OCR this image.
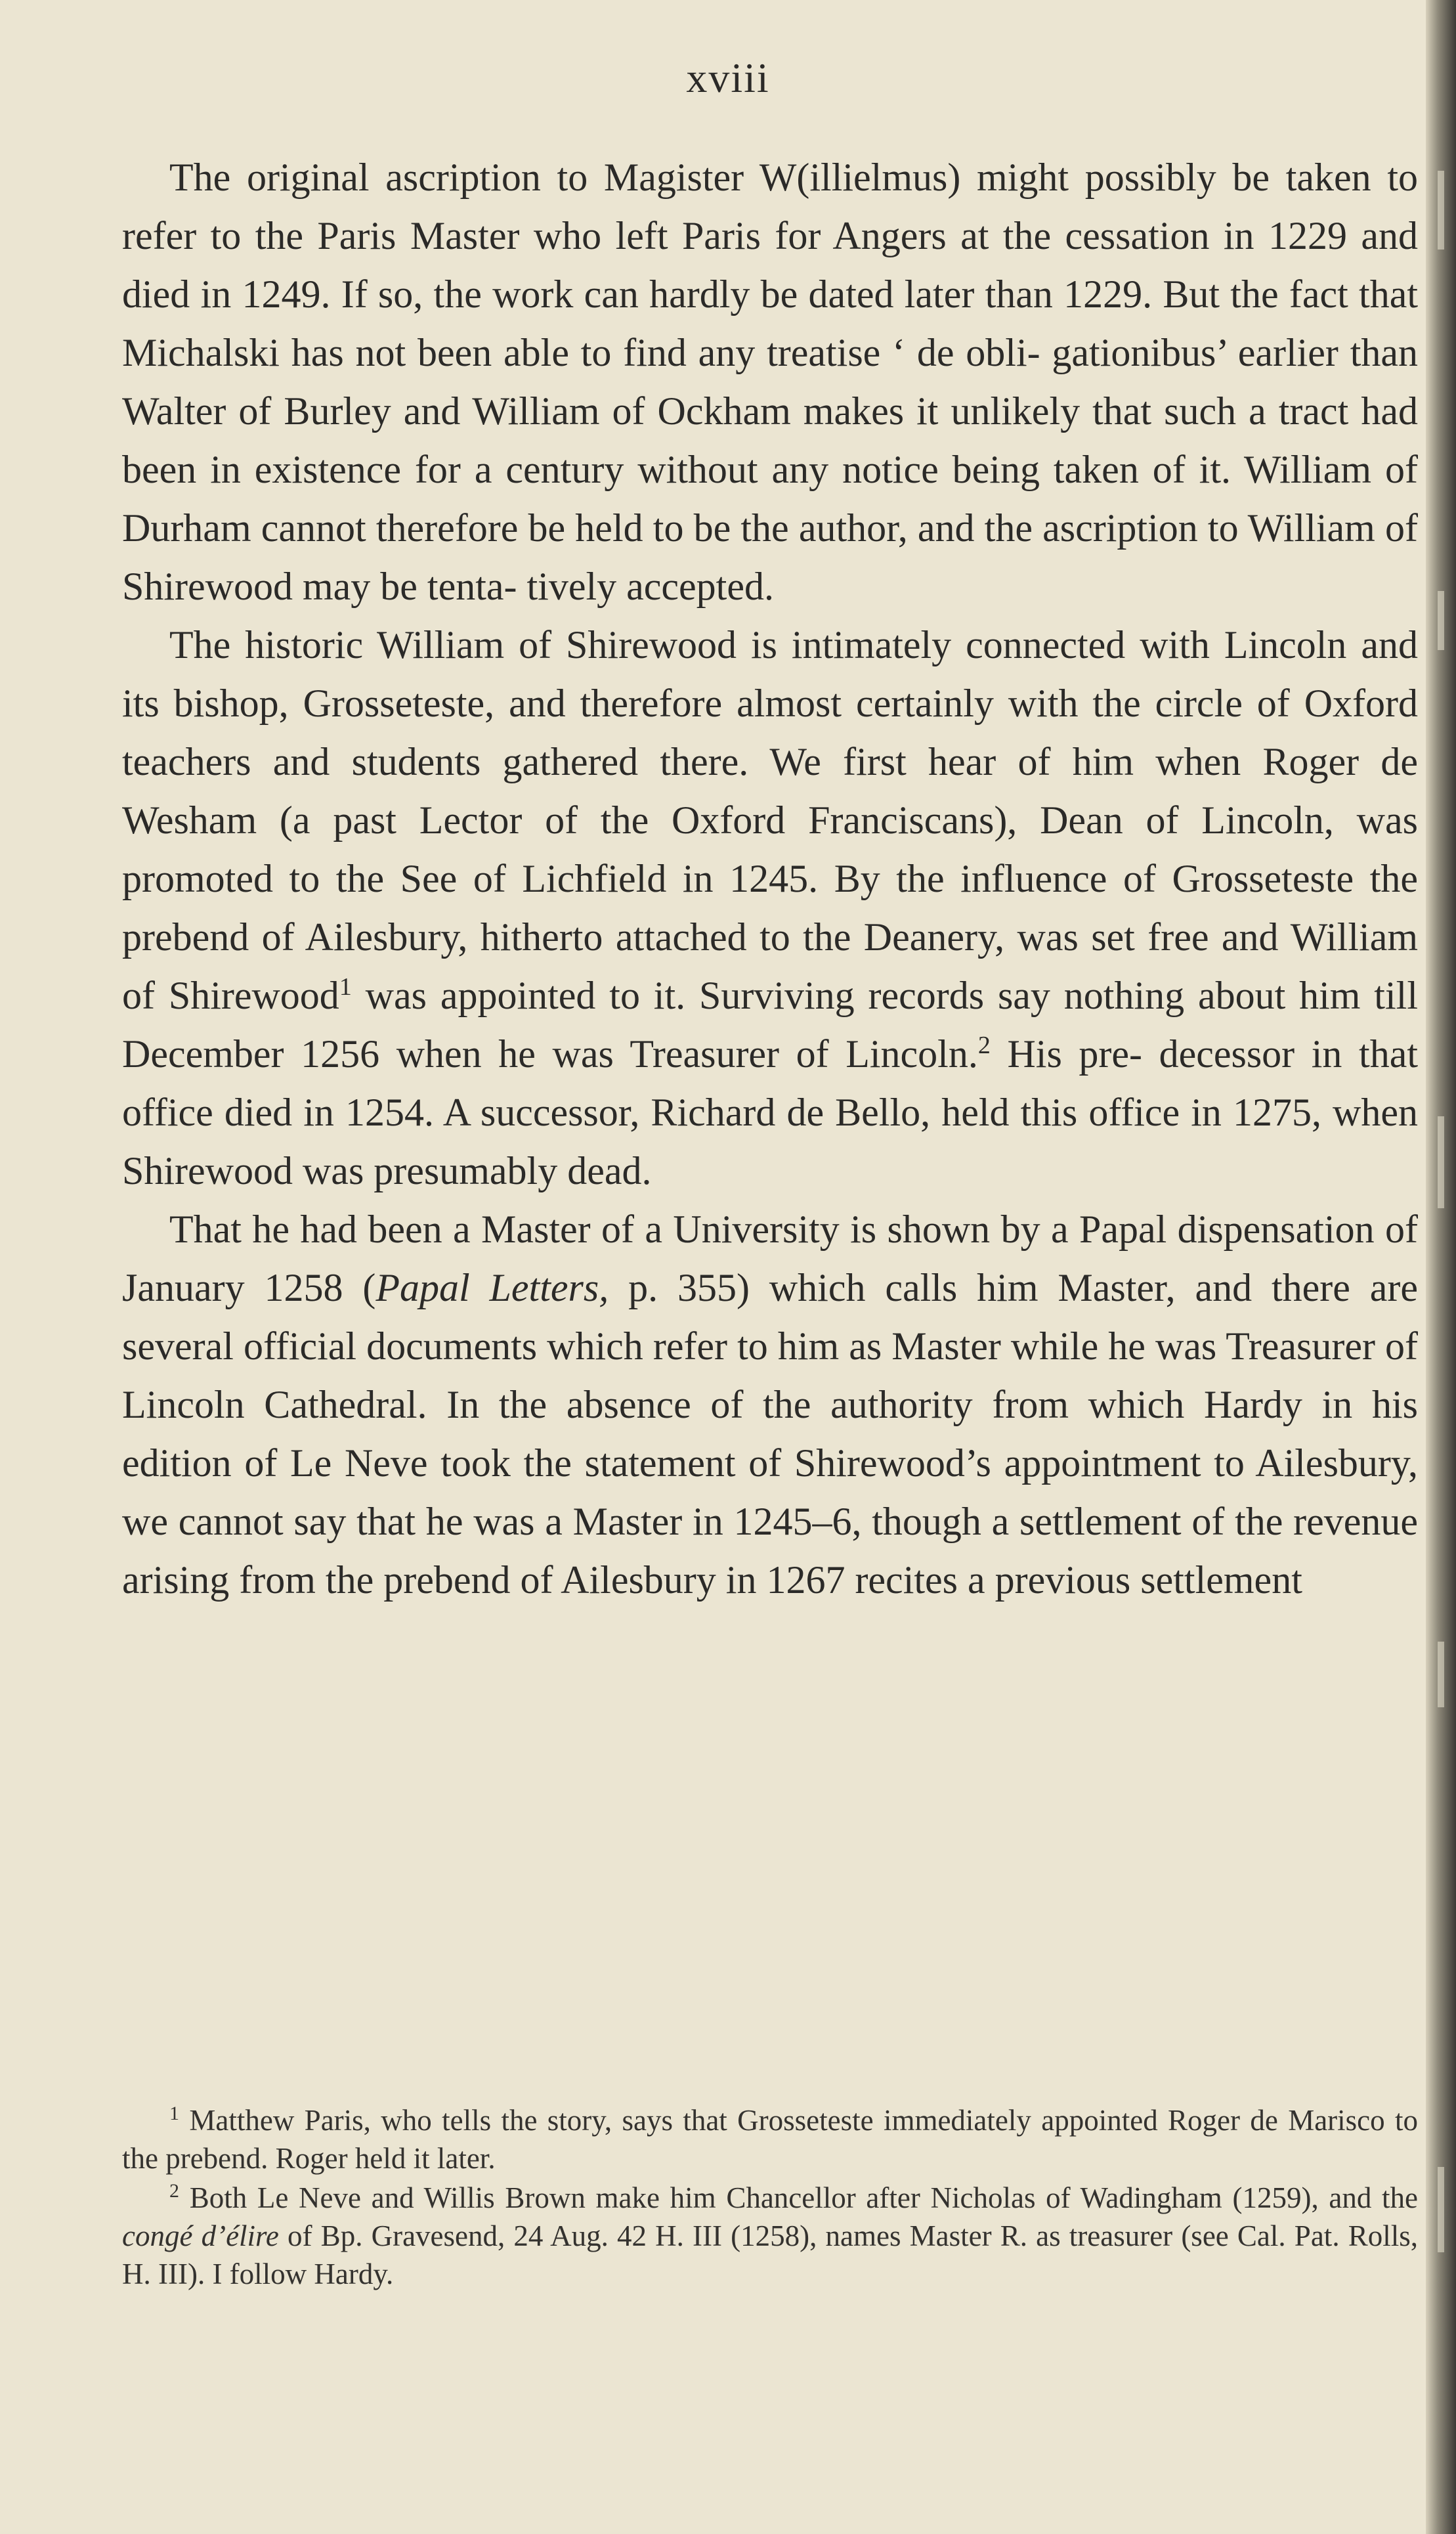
xviii

The original ascription to Magister W(illielmus) might possibly be taken to refer to the Paris Master who left Paris for Angers at the cessation in 1229 and died in 1249. If so, the work can hardly be dated later than 1229. But the fact that Michalski has not been able to find any treatise ‘ de obli- gationibus’ earlier than Walter of Burley and William of Ockham makes it unlikely that such a tract had been in existence for a century without any notice being taken of it. William of Durham cannot therefore be held to be the author, and the ascription to William of Shirewood may be tenta- tively accepted.

The historic William of Shirewood is intimately connected with Lincoln and its bishop, Grosseteste, and therefore almost certainly with the circle of Oxford teachers and students gathered there. We first hear of him when Roger de Wesham (a past Lector of the Oxford Franciscans), Dean of Lincoln, was promoted to the See of Lichfield in 1245. By the influence of Grosseteste the prebend of Ailesbury, hitherto attached to the Deanery, was set free and William of Shirewood$^1$ was appointed to it. Surviving records say nothing about him till December 1256 when he was Treasurer of Lincoln.$^2$ His pre- decessor in that office died in 1254. A successor, Richard de Bello, held this office in 1275, when Shirewood was presumably dead.

That he had been a Master of a University is shown by a Papal dispensation of January 1258 (Papal Letters, p. 355) which calls him Master, and there are several official documents which refer to him as Master while he was Treasurer of Lincoln Cathedral. In the absence of the authority from which Hardy in his edition of Le Neve took the statement of Shirewood’s appointment to Ailesbury, we cannot say that he was a Master in 1245–6, though a settlement of the revenue arising from the prebend of Ailesbury in 1267 recites a previous settlement

$^1$ Matthew Paris, who tells the story, says that Grosseteste immediately appointed Roger de Marisco to the prebend. Roger held it later.

$^2$ Both Le Neve and Willis Brown make him Chancellor after Nicholas of Wadingham (1259), and the congé d’élire of Bp. Gravesend, 24 Aug. 42 H. III (1258), names Master R. as treasurer (see Cal. Pat. Rolls, H. III). I follow Hardy.
